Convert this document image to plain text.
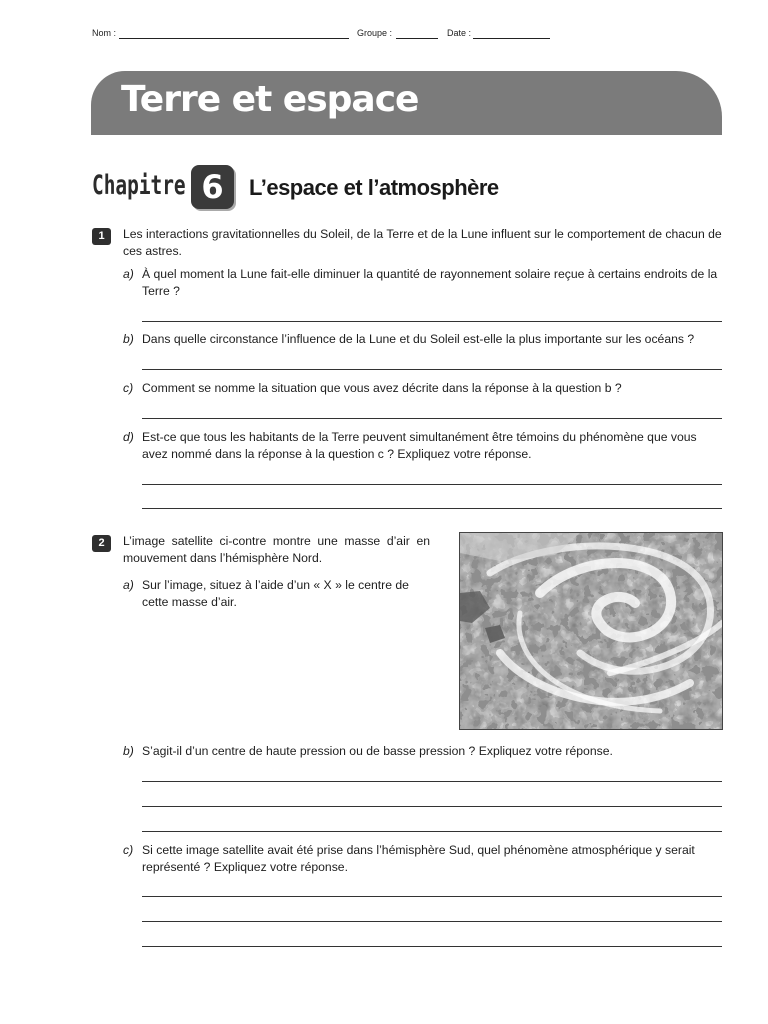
Nom :	Groupe :	Date :
Terre et espace
Chapitre 6	L’espace et l’atmosphère
1	Les interactions gravitationnelles du Soleil, de la Terre et de la Lune influent sur le comportement de chacun de ces astres.
a) À quel moment la Lune fait-elle diminuer la quantité de rayonnement solaire reçue à certains endroits de la Terre ?
b) Dans quelle circonstance l’influence de la Lune et du Soleil est-elle la plus importante sur les océans ?
c) Comment se nomme la situation que vous avez décrite dans la réponse à la question b ?
d) Est-ce que tous les habitants de la Terre peuvent simultanément être témoins du phénomène que vous avez nommé dans la réponse à la question c ? Expliquez votre réponse.
2	L’image satellite ci-contre montre une masse d’air en mouvement dans l’hémisphère Nord.
a) Sur l’image, situez à l’aide d’un « X » le centre de cette masse d’air.
b) S’agit-il d’un centre de haute pression ou de basse pression ? Expliquez votre réponse.
c) Si cette image satellite avait été prise dans l’hémisphère Sud, quel phénomène atmosphérique y serait représenté ? Expliquez votre réponse.
